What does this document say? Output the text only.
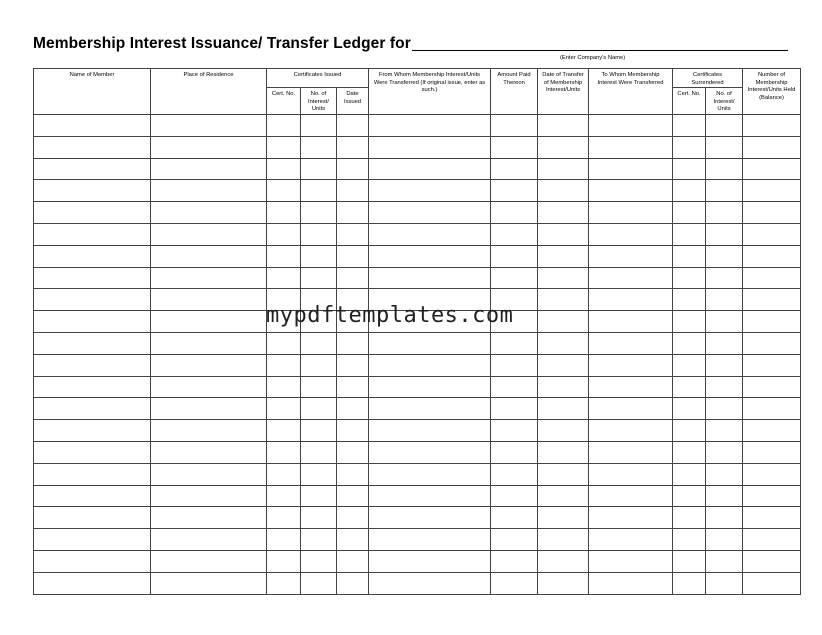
Membership Interest Issuance/ Transfer Ledger for
(Enter Company's Name)
Name of Member	Place of Residence	Certificates Issued			From Whom Membership Interest/Units Were Transferred (If original issue, enter as such.)	Amount Paid Thereon	Date of Transfer of Membership Interest/Units	To Whom Membership Interest Were Transferred	Certificates Surrendered		Number of Membership Interest/Units Held (Balance)

		Cert. No.	No. of Interest/ Units	Date Issued					Cert. No.	No. of Interest/ Units	

mypdftemplates.com
